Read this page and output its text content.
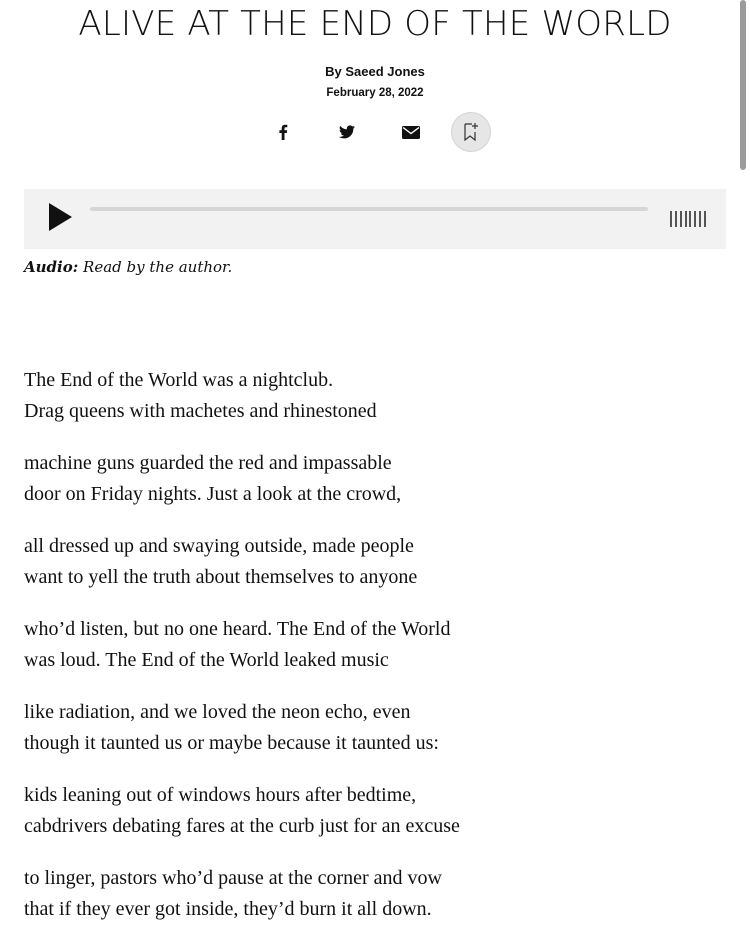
ALIVE AT THE END OF THE WORLD
By Saeed Jones
February 28, 2022
Audio: Read by the author.
The End of the World was a nightclub.
Drag queens with machetes and rhinestoned
machine guns guarded the red and impassable
door on Friday nights. Just a look at the crowd,
all dressed up and swaying outside, made people
want to yell the truth about themselves to anyone
who’d listen, but no one heard. The End of the World
was loud. The End of the World leaked music
like radiation, and we loved the neon echo, even
though it taunted us or maybe because it taunted us:
kids leaning out of windows hours after bedtime,
cabdrivers debating fares at the curb just for an excuse
to linger, pastors who’d pause at the corner and vow
that if they ever got inside, they’d burn it all down.
